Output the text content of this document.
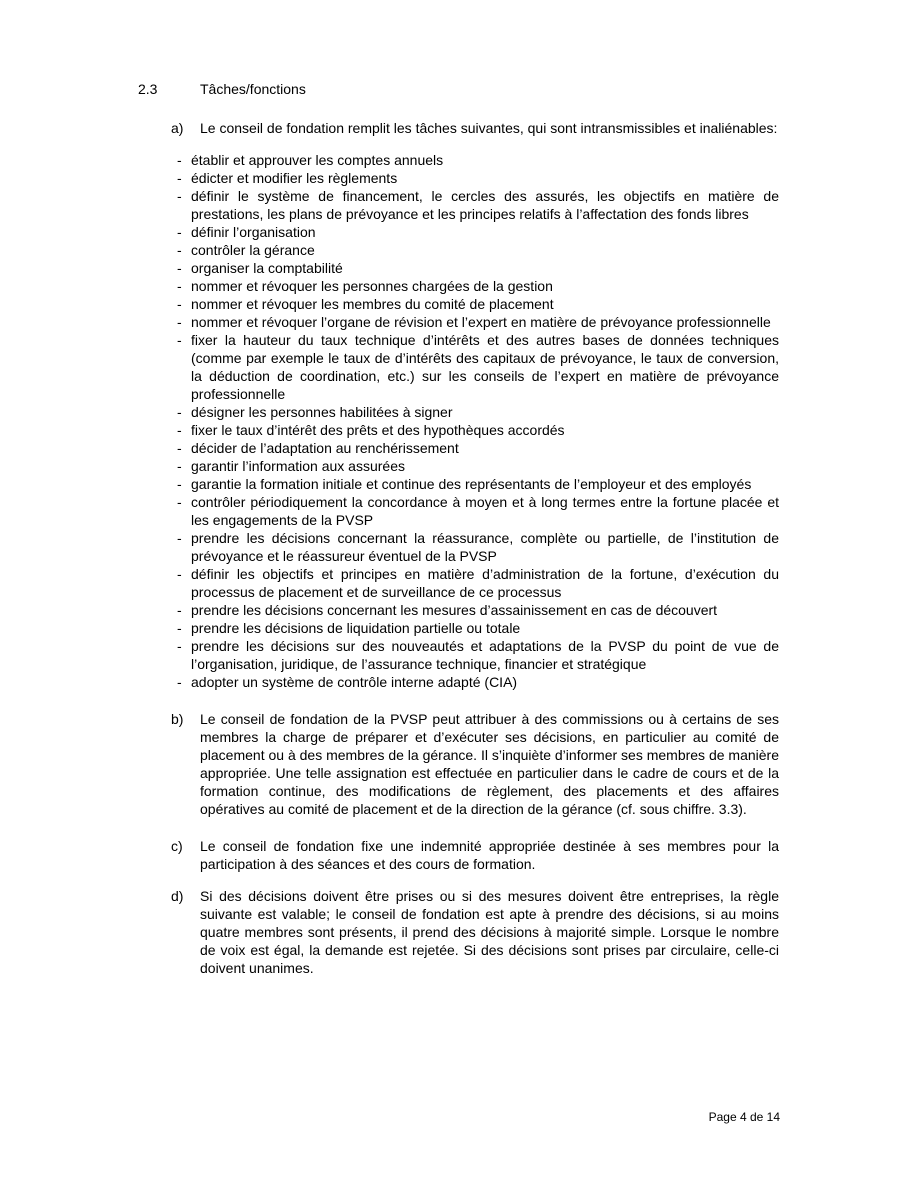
2.3	Tâches/fonctions
a)	Le conseil de fondation remplit les tâches suivantes, qui sont intransmissibles et inaliénables:
- établir et approuver les comptes annuels
- édicter et modifier les règlements
- définir le système de financement, le cercles des assurés, les objectifs en matière de prestations, les plans de prévoyance et les principes relatifs à l’affectation des fonds libres
- définir l’organisation
- contrôler la gérance
- organiser la comptabilité
- nommer et révoquer les personnes chargées de la gestion
- nommer et révoquer les membres du comité de placement
- nommer et révoquer l’organe de révision et l’expert en matière de prévoyance professionnelle
- fixer la hauteur du taux technique d’intérêts et des autres bases de données techniques (comme par exemple le taux de d’intérêts des capitaux de prévoyance, le taux de conversion, la déduction de coordination, etc.) sur les conseils de l’expert en matière de prévoyance professionnelle
- désigner les personnes habilitées à signer
- fixer le taux d’intérêt des prêts et des hypothèques accordés
- décider de l’adaptation au renchérissement
- garantir l’information aux assurées
- garantie la formation initiale et continue des représentants de l’employeur et des employés
- contrôler périodiquement la concordance à moyen et à long termes entre la fortune placée et les engagements de la PVSP
- prendre les décisions concernant la réassurance, complète ou partielle, de l’institution de prévoyance et le réassureur éventuel de la PVSP
- définir les objectifs et principes en matière d’administration de la fortune, d’exécution du processus de placement et de surveillance de ce processus
- prendre les décisions concernant les mesures d’assainissement en cas de découvert
- prendre les décisions de liquidation partielle ou totale
- prendre les décisions sur des nouveautés et adaptations de la PVSP du point de vue de l’organisation, juridique, de l’assurance technique, financier et stratégique
- adopter un système de contrôle interne adapté (CIA)
b)	Le conseil de fondation de la PVSP peut attribuer à des commissions ou à certains de ses membres la charge de préparer et d’exécuter ses décisions, en particulier au comité de placement ou à des membres de la gérance. Il s’inquiète d’informer ses membres de manière appropriée. Une telle assignation est effectuée en particulier dans le cadre de cours et de la formation continue, des modifications de règlement, des placements et des affaires opératives au comité de placement et de la direction de la gérance (cf. sous chiffre. 3.3).
c)	Le conseil de fondation fixe une indemnité appropriée destinée à ses membres pour la participation à des séances et des cours de formation.
d)	Si des décisions doivent être prises ou si des mesures doivent être entreprises, la règle suivante est valable; le conseil de fondation est apte à prendre des décisions, si au moins quatre membres sont présents, il prend des décisions à majorité simple. Lorsque le nombre de voix est égal, la demande est rejetée. Si des décisions sont prises par circulaire, celle-ci doivent unanimes.
Page 4 de 14
